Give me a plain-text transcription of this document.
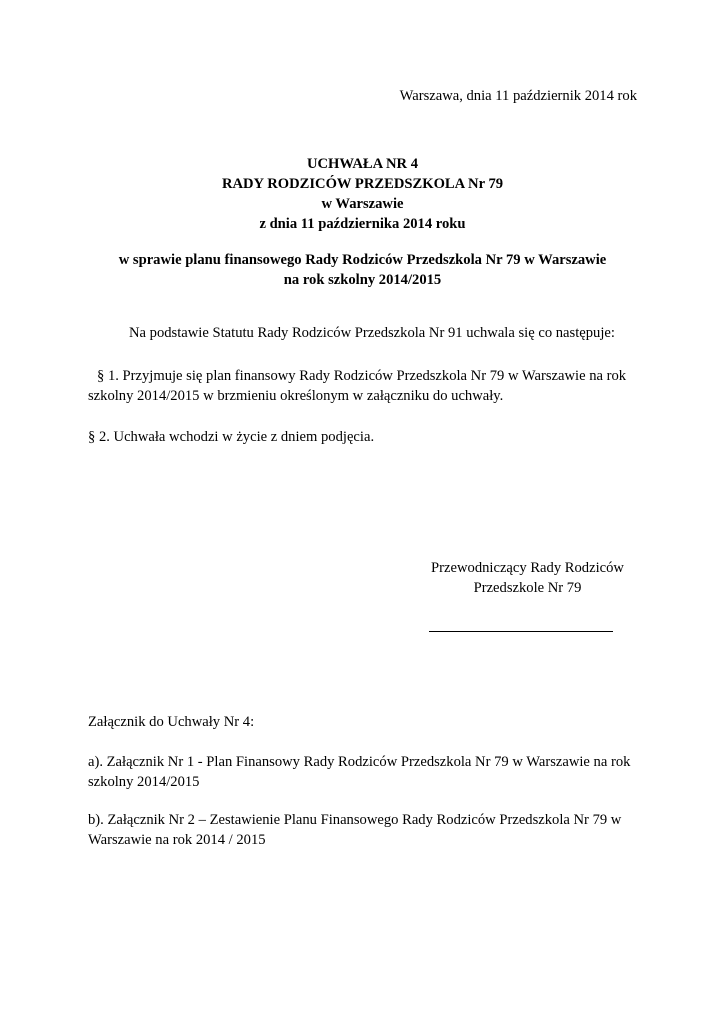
Warszawa, dnia 11 październik 2014 rok
UCHWAŁA NR 4
RADY RODZICÓW PRZEDSZKOLA Nr 79
w Warszawie
z dnia 11 października 2014 roku
w sprawie planu finansowego Rady Rodziców Przedszkola Nr 79 w Warszawie
na rok szkolny 2014/2015
Na podstawie Statutu Rady Rodziców Przedszkola Nr 91 uchwala się co następuje:
§ 1. Przyjmuje się plan finansowy Rady Rodziców Przedszkola Nr 79 w Warszawie na rok
szkolny 2014/2015 w brzmieniu określonym w załączniku do uchwały.
§ 2. Uchwała wchodzi w życie z dniem podjęcia.
Przewodniczący Rady Rodziców
Przedszkole Nr 79
Załącznik do Uchwały Nr 4:
a). Załącznik Nr 1 - Plan Finansowy Rady Rodziców Przedszkola Nr 79 w Warszawie na rok
szkolny 2014/2015
b). Załącznik Nr 2 – Zestawienie Planu Finansowego Rady Rodziców Przedszkola Nr 79 w
Warszawie na rok 2014 / 2015
